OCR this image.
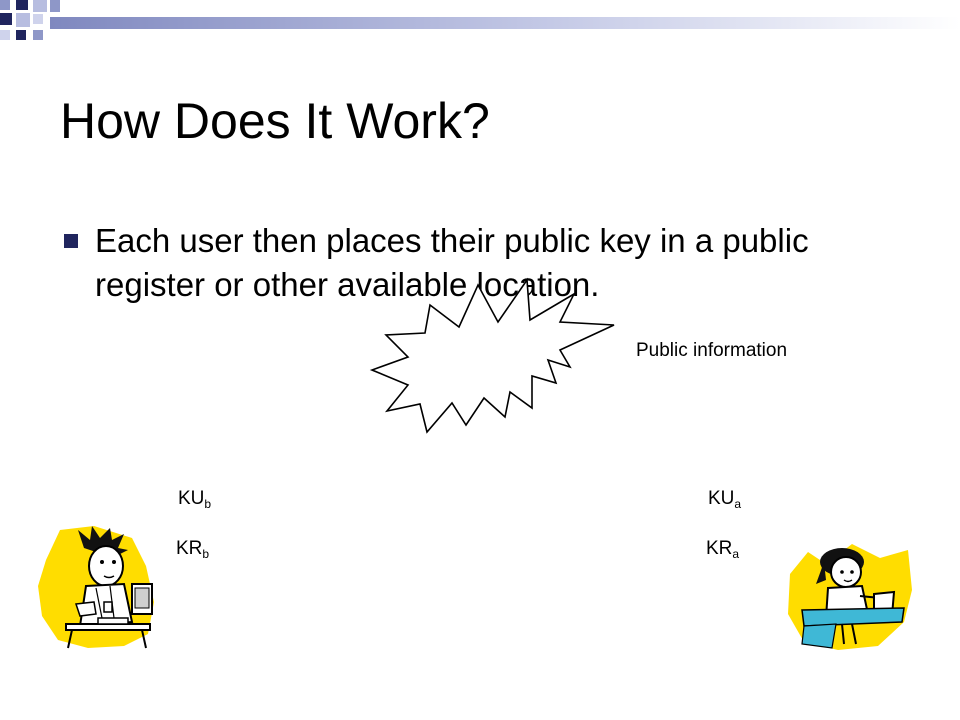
How Does It Work?
Each user then places their public key in a public register or other available location.
Public information
$KU_b$
$KR_b$
$KU_a$
$KR_a$
